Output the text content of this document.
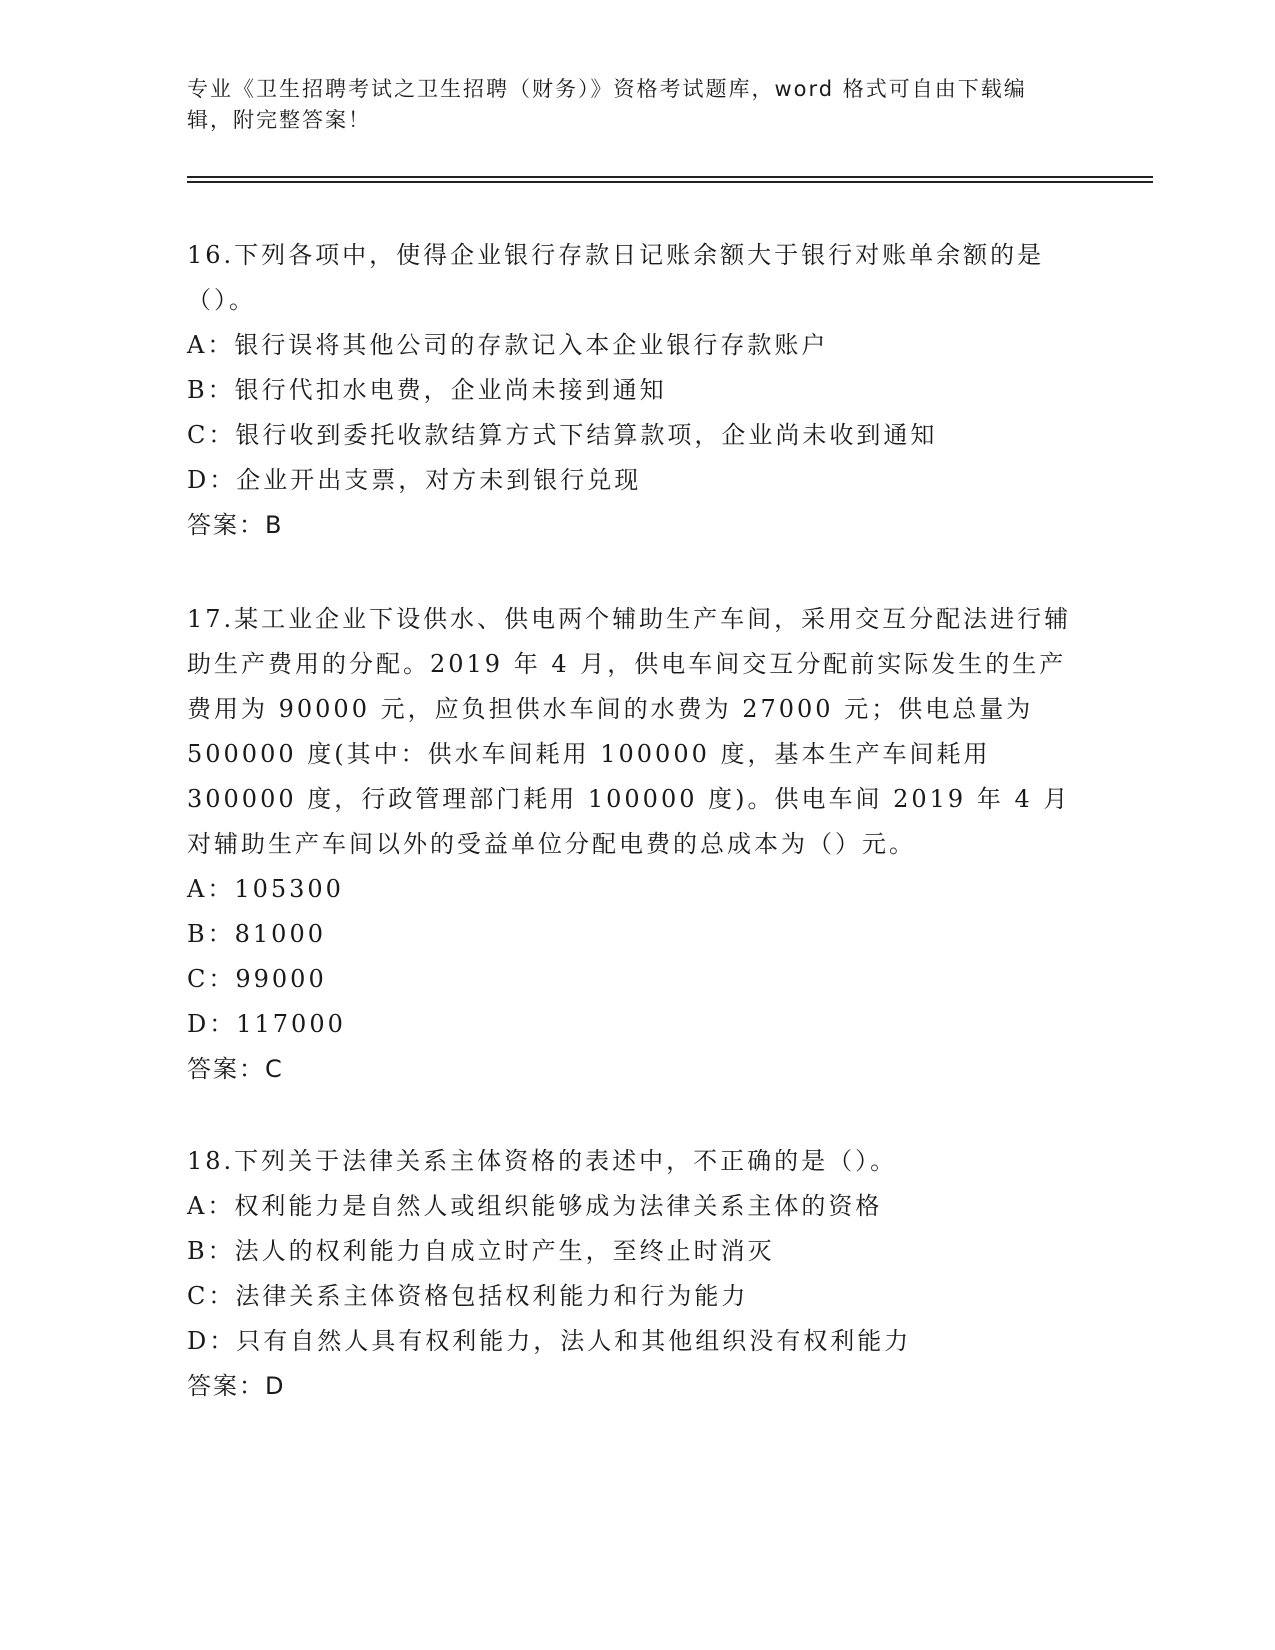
专业《卫生招聘考试之卫生招聘（财务）》资格考试题库，word 格式可自由下载编辑，附完整答案！

16.下列各项中，使得企业银行存款日记账余额大于银行对账单余额的是（）。

A：银行误将其他公司的存款记入本企业银行存款账户

B：银行代扣水电费，企业尚未接到通知

C：银行收到委托收款结算方式下结算款项，企业尚未收到通知

D：企业开出支票，对方未到银行兑现

答案：B

17.某工业企业下设供水、供电两个辅助生产车间，采用交互分配法进行辅助生产费用的分配。2019 年 4 月，供电车间交互分配前实际发生的生产费用为 90000 元，应负担供水车间的水费为 27000 元；供电总量为 500000 度(其中：供水车间耗用 100000 度，基本生产车间耗用 300000 度，行政管理部门耗用 100000 度)。供电车间 2019 年 4 月对辅助生产车间以外的受益单位分配电费的总成本为（）元。

A：105300

B：81000

C：99000

D：117000

答案：C

18.下列关于法律关系主体资格的表述中，不正确的是（）。

A：权利能力是自然人或组织能够成为法律关系主体的资格

B：法人的权利能力自成立时产生，至终止时消灭

C：法律关系主体资格包括权利能力和行为能力

D：只有自然人具有权利能力，法人和其他组织没有权利能力

答案：D
